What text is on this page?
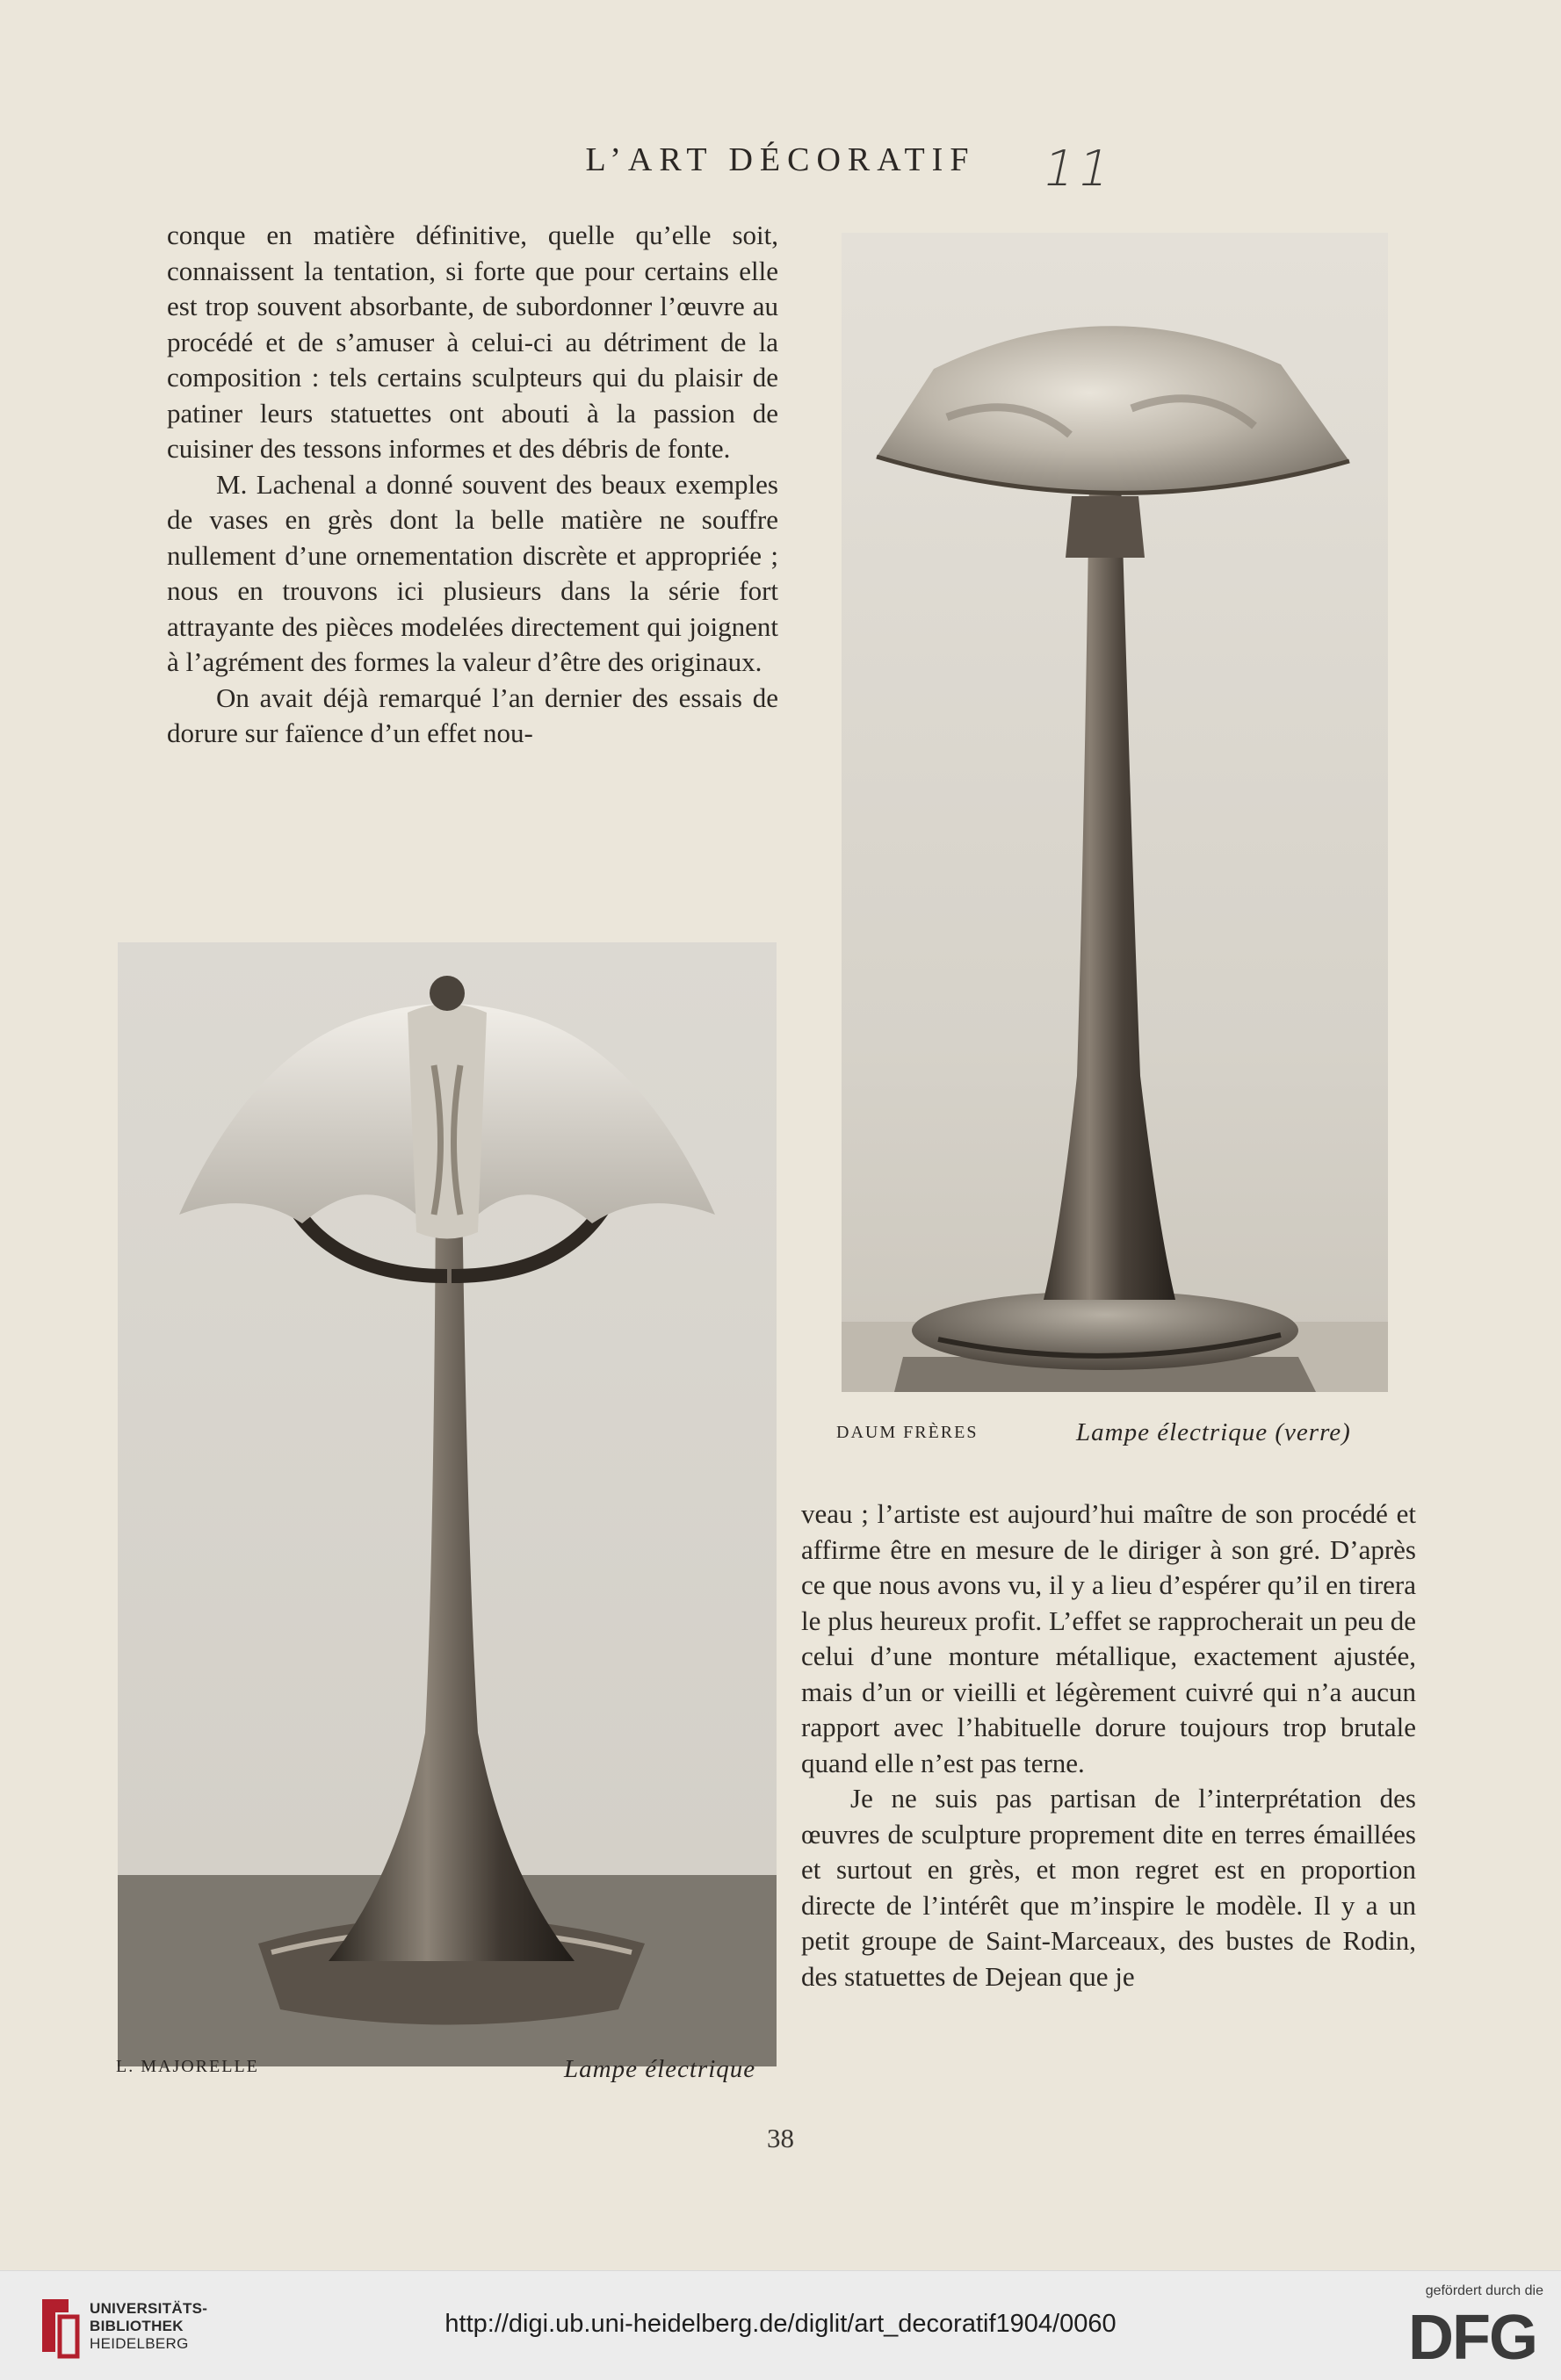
L’ART DÉCORATIF	11

conque en matière définitive, quelle qu’elle soit, connaissent la tentation, si forte que pour certains elle est trop souvent absorbante, de subordonner l’œuvre au procédé et de s’amuser à celui-ci au détriment de la composition : tels certains sculpteurs qui du plaisir de patiner leurs statuettes ont abouti à la passion de cuisiner des tessons informes et des débris de fonte.

M. Lachenal a donné souvent des beaux exemples de vases en grès dont la belle matière ne souffre nullement d’une ornementation discrète et appropriée ; nous en trouvons ici plusieurs dans la série fort attrayante des pièces modelées directement qui joignent à l’agrément des formes la valeur d’être des originaux.

On avait déjà remarqué l’an dernier des essais de dorure sur faïence d’un effet nou-

DAUM FRÈRES	Lampe électrique (verre)
L. MAJORELLE	Lampe électrique

veau ; l’artiste est aujourd’hui maître de son procédé et affirme être en mesure de le diriger à son gré. D’après ce que nous avons vu, il y a lieu d’espérer qu’il en tirera le plus heureux profit. L’effet se rapprocherait un peu de celui d’une monture métallique, exactement ajustée, mais d’un or vieilli et légèrement cuivré qui n’a aucun rapport avec l’habituelle dorure toujours trop brutale quand elle n’est pas terne.

Je ne suis pas partisan de l’interprétation des œuvres de sculpture proprement dite en terres émaillées et surtout en grès, et mon regret est en proportion directe de l’intérêt que m’inspire le modèle. Il y a un petit groupe de Saint-Marceaux, des bustes de Rodin, des statuettes de Dejean que je

38
UNIVERSITÄTS-
BIBLIOTHEK
HEIDELBERG
http://digi.ub.uni-heidelberg.de/diglit/art_decoratif1904/0060
gefördert durch die
DFG
